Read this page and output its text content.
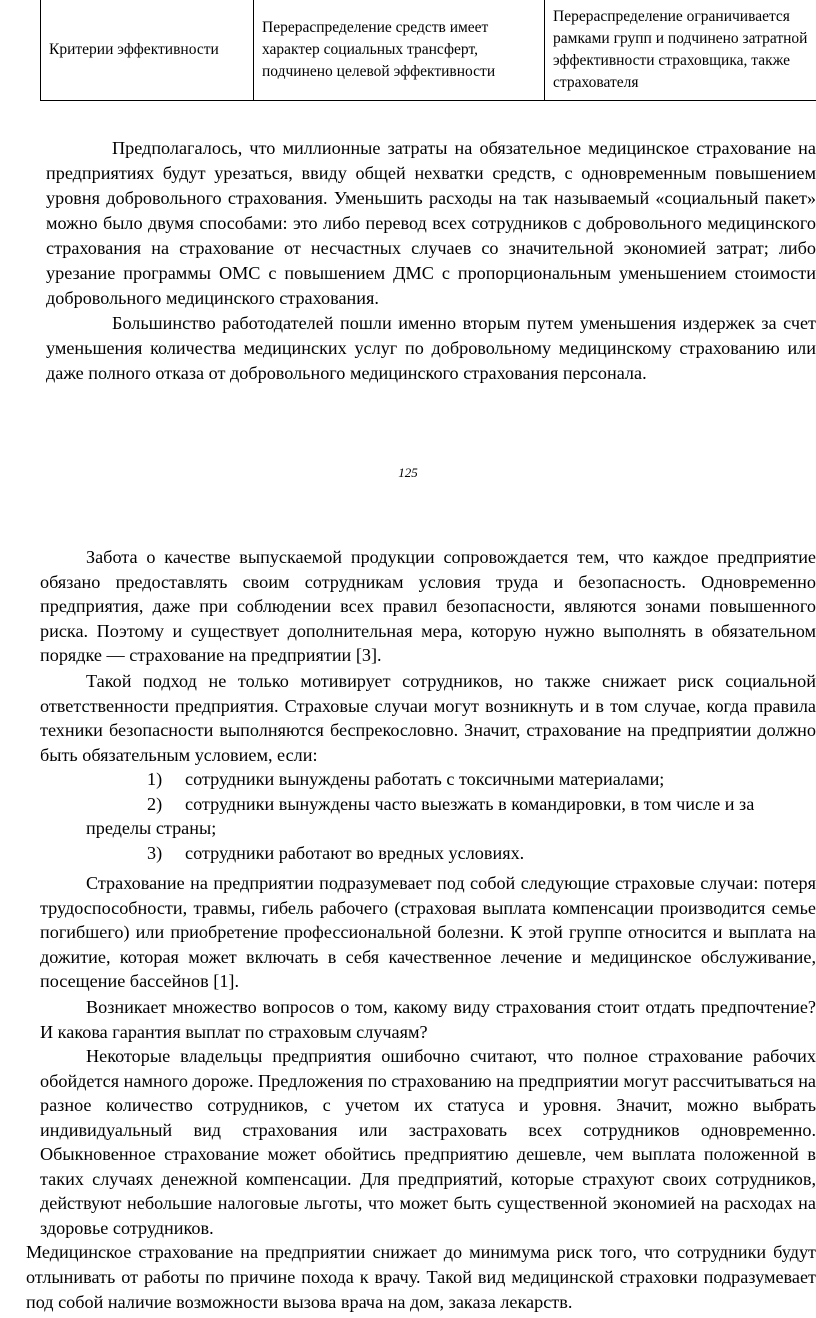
Критерии эффективности	Перераспределение средств имеет характер социальных трансферт, подчинено целевой эффективности	Перераспределение ограничивается рамками групп и подчинено затратной эффективности страховщика, также страхователя

Предполагалось, что миллионные затраты на обязательное медицинское страхование на предприятиях будут урезаться, ввиду общей нехватки средств, с одновременным повышением уровня добровольного страхования. Уменьшить расходы на так называемый «социальный пакет» можно было двумя способами: это либо перевод всех сотрудников с добровольного медицинского страхования на страхование от несчастных случаев со значительной экономией затрат; либо урезание программы ОМС с повышением ДМС с пропорциональным уменьшением стоимости добровольного медицинского страхования.

Большинство работодателей пошли именно вторым путем уменьшения издержек за счет уменьшения количества медицинских услуг по добровольному медицинскому страхованию или даже полного отказа от добровольного медицинского страхования персонала.

125

Забота о качестве выпускаемой продукции сопровождается тем, что каждое предприятие обязано предоставлять своим сотрудникам условия труда и безопасность. Одновременно предприятия, даже при соблюдении всех правил безопасности, являются зонами повышенного риска. Поэтому и существует дополнительная мера, которую нужно выполнять в обязательном порядке — страхование на предприятии [3].

Такой подход не только мотивирует сотрудников, но также снижает риск социальной ответственности предприятия. Страховые случаи могут возникнуть и в том случае, когда правила техники безопасности выполняются беспрекословно. Значит, страхование на предприятии должно быть обязательным условием, если:

1) сотрудники вынуждены работать с токсичными материалами;

2) сотрудники вынуждены часто выезжать в командировки, в том числе и за

пределы страны;

3) сотрудники работают во вредных условиях.

Страхование на предприятии подразумевает под собой следующие страховые случаи: потеря трудоспособности, травмы, гибель рабочего (страховая выплата компенсации производится семье погибшего) или приобретение профессиональной болезни. К этой группе относится и выплата на дожитие, которая может включать в себя качественное лечение и медицинское обслуживание, посещение бассейнов [1].

Возникает множество вопросов о том, какому виду страхования стоит отдать предпочтение? И какова гарантия выплат по страховым случаям?

Некоторые владельцы предприятия ошибочно считают, что полное страхование рабочих обойдется намного дороже. Предложения по страхованию на предприятии могут рассчитываться на разное количество сотрудников, с учетом их статуса и уровня. Значит, можно выбрать индивидуальный вид страхования или застраховать всех сотрудников одновременно. Обыкновенное страхование может обойтись предприятию дешевле, чем выплата положенной в таких случаях денежной компенсации. Для предприятий, которые страхуют своих сотрудников, действуют небольшие налоговые льготы, что может быть существенной экономией на расходах на здоровье сотрудников.

Медицинское страхование на предприятии снижает до минимума риск того, что сотрудники будут отлынивать от работы по причине похода к врачу. Такой вид медицинской страховки подразумевает под собой наличие возможности вызова врача на дом, заказа лекарств.
